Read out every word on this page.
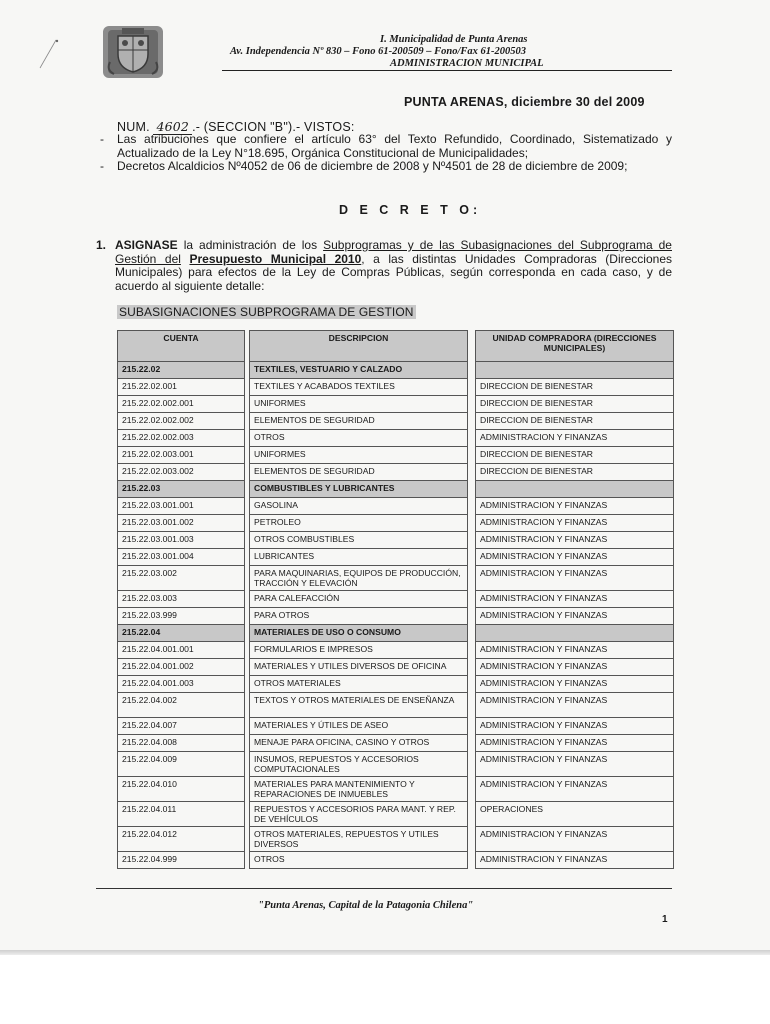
I. Municipalidad de Punta Arenas
Av. Independencia Nº 830 – Fono 61-200509 – Fono/Fax 61-200503
ADMINISTRACION MUNICIPAL
PUNTA ARENAS, diciembre 30 del 2009
NUM. 4602 .- (SECCION "B").- VISTOS:
- Las atribuciones que confiere el artículo 63° del Texto Refundido, Coordinado, Sistematizado y Actualizado de la Ley N°18.695, Orgánica Constitucional de Municipalidades;
- Decretos Alcaldicios Nº4052 de 06 de diciembre de 2008 y Nº4501 de 28 de diciembre de 2009;
D E C R E T O:
1. ASIGNASE la administración de los Subprogramas y de las Subasignaciones del Subprograma de Gestión del Presupuesto Municipal 2010, a las distintas Unidades Compradoras (Direcciones Municipales) para efectos de la Ley de Compras Públicas, según corresponda en cada caso, y de acuerdo al siguiente detalle:
SUBASIGNACIONES SUBPROGRAMA DE GESTION
CUENTA		DESCRIPCION		UNIDAD COMPRADORA (DIRECCIONES MUNICIPALES)
215.22.02		TEXTILES, VESTUARIO Y CALZADO		
215.22.02.001		TEXTILES Y ACABADOS TEXTILES		DIRECCION DE BIENESTAR
215.22.02.002.001		UNIFORMES		DIRECCION DE BIENESTAR
215.22.02.002.002		ELEMENTOS DE SEGURIDAD		DIRECCION DE BIENESTAR
215.22.02.002.003		OTROS		ADMINISTRACION Y FINANZAS
215.22.02.003.001		UNIFORMES		DIRECCION DE BIENESTAR
215.22.02.003.002		ELEMENTOS DE SEGURIDAD		DIRECCION DE BIENESTAR
215.22.03		COMBUSTIBLES Y LUBRICANTES		
215.22.03.001.001		GASOLINA		ADMINISTRACION Y FINANZAS
215.22.03.001.002		PETROLEO		ADMINISTRACION Y FINANZAS
215.22.03.001.003		OTROS COMBUSTIBLES		ADMINISTRACION Y FINANZAS
215.22.03.001.004		LUBRICANTES		ADMINISTRACION Y FINANZAS
215.22.03.002		PARA MAQUINARIAS, EQUIPOS DE PRODUCCIÓN, TRACCIÓN Y ELEVACIÓN		ADMINISTRACION Y FINANZAS
215.22.03.003		PARA CALEFACCIÓN		ADMINISTRACION Y FINANZAS
215.22.03.999		PARA OTROS		ADMINISTRACION Y FINANZAS
215.22.04		MATERIALES DE USO O CONSUMO		
215.22.04.001.001		FORMULARIOS E IMPRESOS		ADMINISTRACION Y FINANZAS
215.22.04.001.002		MATERIALES Y UTILES DIVERSOS DE OFICINA		ADMINISTRACION Y FINANZAS
215.22.04.001.003		OTROS MATERIALES		ADMINISTRACION Y FINANZAS
215.22.04.002		TEXTOS Y OTROS MATERIALES DE ENSEÑANZA		ADMINISTRACION Y FINANZAS
215.22.04.007		MATERIALES Y ÚTILES DE ASEO		ADMINISTRACION Y FINANZAS
215.22.04.008		MENAJE PARA OFICINA, CASINO Y OTROS		ADMINISTRACION Y FINANZAS
215.22.04.009		INSUMOS, REPUESTOS Y ACCESORIOS COMPUTACIONALES		ADMINISTRACION Y FINANZAS
215.22.04.010		MATERIALES PARA MANTENIMIENTO Y REPARACIONES DE INMUEBLES		ADMINISTRACION Y FINANZAS
215.22.04.011		REPUESTOS Y ACCESORIOS PARA MANT. Y REP. DE VEHÍCULOS		OPERACIONES
215.22.04.012		OTROS MATERIALES, REPUESTOS Y UTILES DIVERSOS		ADMINISTRACION Y FINANZAS
215.22.04.999		OTROS		ADMINISTRACION Y FINANZAS
"Punta Arenas, Capital de la Patagonia Chilena"
1
